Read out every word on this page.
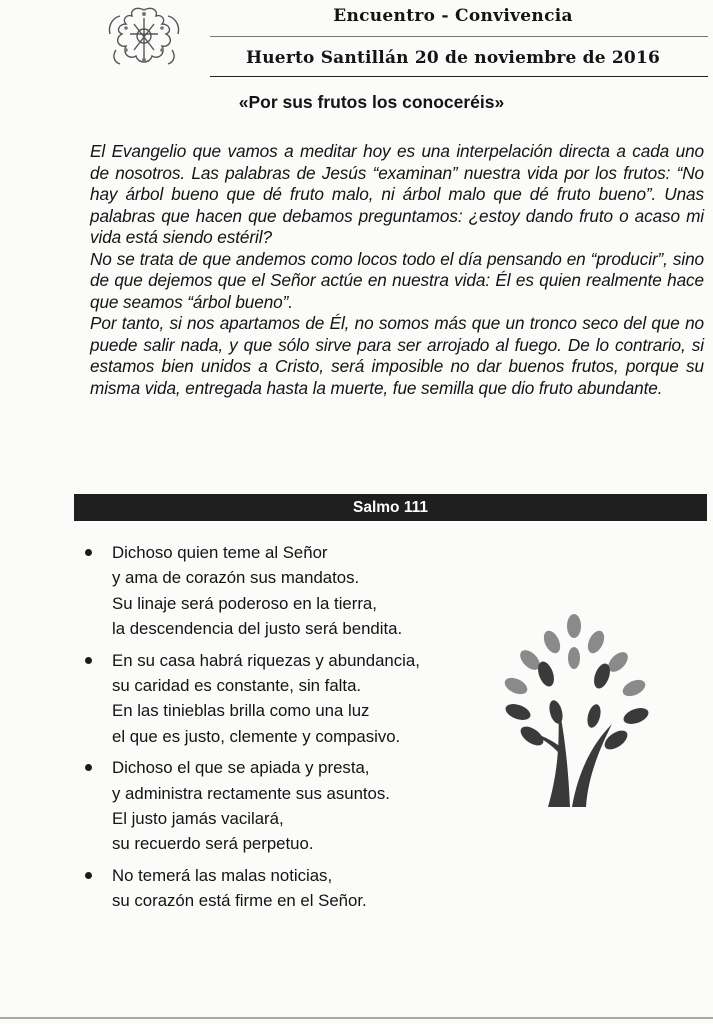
Encuentro - Convivencia
Huerto Santillán 20 de noviembre de 2016
«Por sus frutos los conoceréis»

El Evangelio que vamos a meditar hoy es una interpelación directa a cada uno de nosotros. Las palabras de Jesús “examinan” nuestra vida por los frutos: “No hay árbol bueno que dé fruto malo, ni árbol malo que dé fruto bueno”. Unas palabras que hacen que debamos preguntamos: ¿estoy dando fruto o acaso mi vida está siendo estéril?

No se trata de que andemos como locos todo el día pensando en “producir”, sino de que dejemos que el Señor actúe en nuestra vida: Él es quien realmente hace que seamos “árbol bueno”.

Por tanto, si nos apartamos de Él, no somos más que un tronco seco del que no puede salir nada, y que sólo sirve para ser arrojado al fuego. De lo contrario, si estamos bien unidos a Cristo, será imposible no dar buenos frutos, porque su misma vida, entregada hasta la muerte, fue semilla que dio fruto abundante.

Salmo 111
Dichoso quien teme al Señor
y ama de corazón sus mandatos.
Su linaje será poderoso en la tierra,
la descendencia del justo será bendita.
En su casa habrá riquezas y abundancia,
su caridad es constante, sin falta.
En las tinieblas brilla como una luz
el que es justo, clemente y compasivo.
Dichoso el que se apiada y presta,
y administra rectamente sus asuntos.
El justo jamás vacilará,
su recuerdo será perpetuo.
No temerá las malas noticias,
su corazón está firme en el Señor.
